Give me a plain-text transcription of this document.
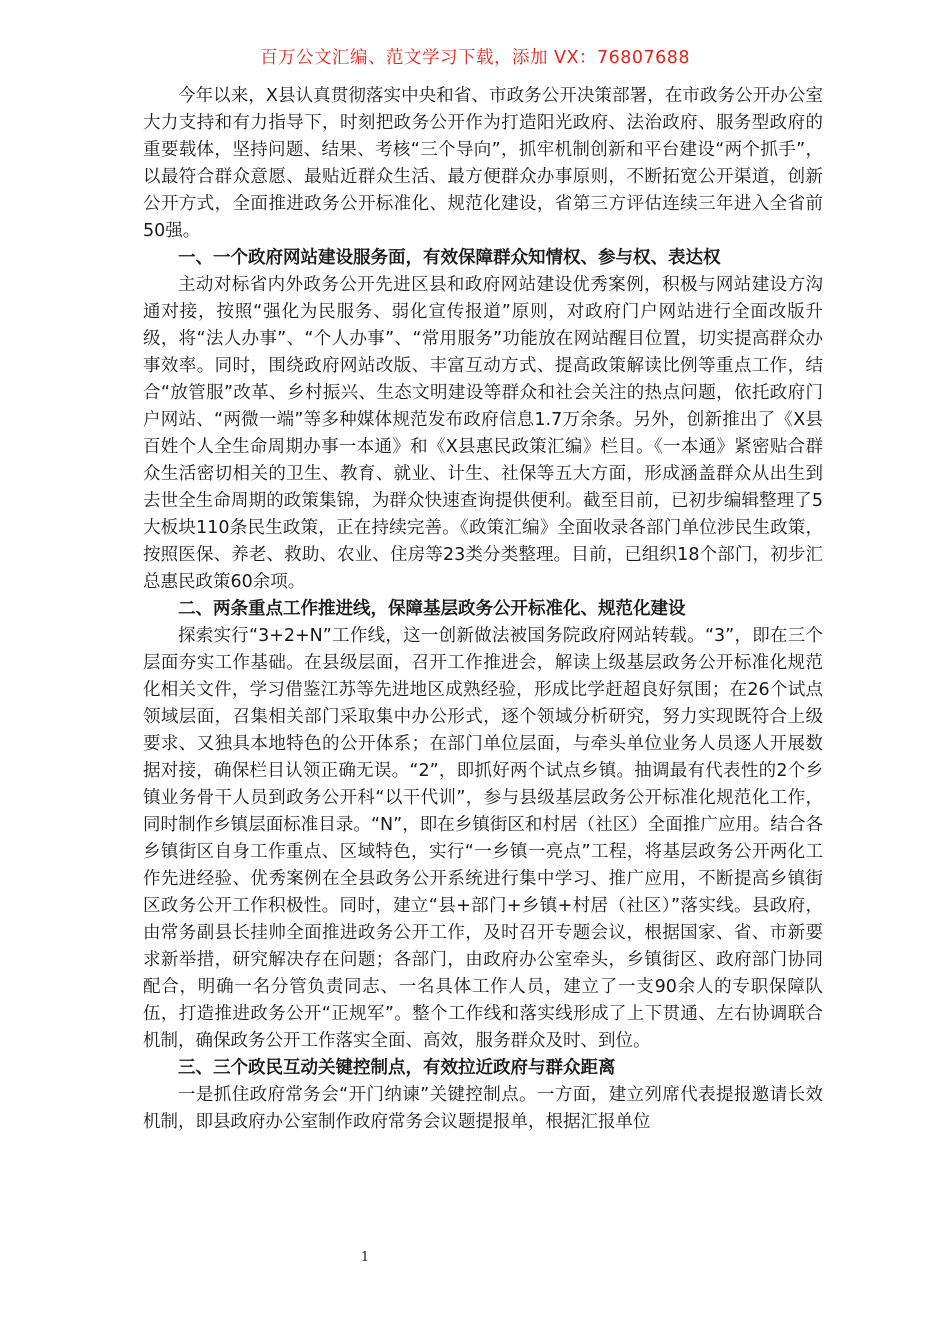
百万公文汇编、范文学习下载，添加 VX：76807688

今年以来，X县认真贯彻落实中央和省、市政务公开决策部署，在市政务公开办公室大力支持和有力指导下，时刻把政务公开作为打造阳光政府、法治政府、服务型政府的重要载体，坚持问题、结果、考核“三个导向”，抓牢机制创新和平台建设“两个抓手”，以最符合群众意愿、最贴近群众生活、最方便群众办事原则，不断拓宽公开渠道，创新公开方式，全面推进政务公开标准化、规范化建设，省第三方评估连续三年进入全省前50强。

一、一个政府网站建设服务面，有效保障群众知情权、参与权、表达权

主动对标省内外政务公开先进区县和政府网站建设优秀案例，积极与网站建设方沟通对接，按照“强化为民服务、弱化宣传报道”原则，对政府门户网站进行全面改版升级，将“法人办事”、“个人办事”、“常用服务”功能放在网站醒目位置，切实提高群众办事效率。同时，围绕政府网站改版、丰富互动方式、提高政策解读比例等重点工作，结合“放管服”改革、乡村振兴、生态文明建设等群众和社会关注的热点问题，依托政府门户网站、“两微一端”等多种媒体规范发布政府信息1.7万余条。另外，创新推出了《X县百姓个人全生命周期办事一本通》和《X县惠民政策汇编》栏目。《一本通》紧密贴合群众生活密切相关的卫生、教育、就业、计生、社保等五大方面，形成涵盖群众从出生到去世全生命周期的政策集锦，为群众快速查询提供便利。截至目前，已初步编辑整理了5大板块110条民生政策，正在持续完善。《政策汇编》全面收录各部门单位涉民生政策，按照医保、养老、救助、农业、住房等23类分类整理。目前，已组织18个部门，初步汇总惠民政策60余项。

二、两条重点工作推进线，保障基层政务公开标准化、规范化建设

探索实行“3+2+N”工作线，这一创新做法被国务院政府网站转载。“3”，即在三个层面夯实工作基础。在县级层面，召开工作推进会，解读上级基层政务公开标准化规范化相关文件，学习借鉴江苏等先进地区成熟经验，形成比学赶超良好氛围；在26个试点领域层面，召集相关部门采取集中办公形式，逐个领域分析研究，努力实现既符合上级要求、又独具本地特色的公开体系；在部门单位层面，与牵头单位业务人员逐人开展数据对接，确保栏目认领正确无误。“2”，即抓好两个试点乡镇。抽调最有代表性的2个乡镇业务骨干人员到政务公开科“以干代训”，参与县级基层政务公开标准化规范化工作，同时制作乡镇层面标准目录。“N”，即在乡镇街区和村居（社区）全面推广应用。结合各乡镇街区自身工作重点、区域特色，实行“一乡镇一亮点”工程，将基层政务公开两化工作先进经验、优秀案例在全县政务公开系统进行集中学习、推广应用，不断提高乡镇街区政务公开工作积极性。同时，建立“县+部门+乡镇+村居（社区）”落实线。县政府，由常务副县长挂帅全面推进政务公开工作，及时召开专题会议，根据国家、省、市新要求新举措，研究解决存在问题；各部门，由政府办公室牵头，乡镇街区、政府部门协同配合，明确一名分管负责同志、一名具体工作人员，建立了一支90余人的专职保障队伍，打造推进政务公开“正规军”。整个工作线和落实线形成了上下贯通、左右协调联合机制，确保政务公开工作落实全面、高效，服务群众及时、到位。

三、三个政民互动关键控制点，有效拉近政府与群众距离

一是抓住政府常务会“开门纳谏”关键控制点。一方面，建立列席代表提报邀请长效机制，即县政府办公室制作政府常务会议题提报单，根据汇报单位

1
